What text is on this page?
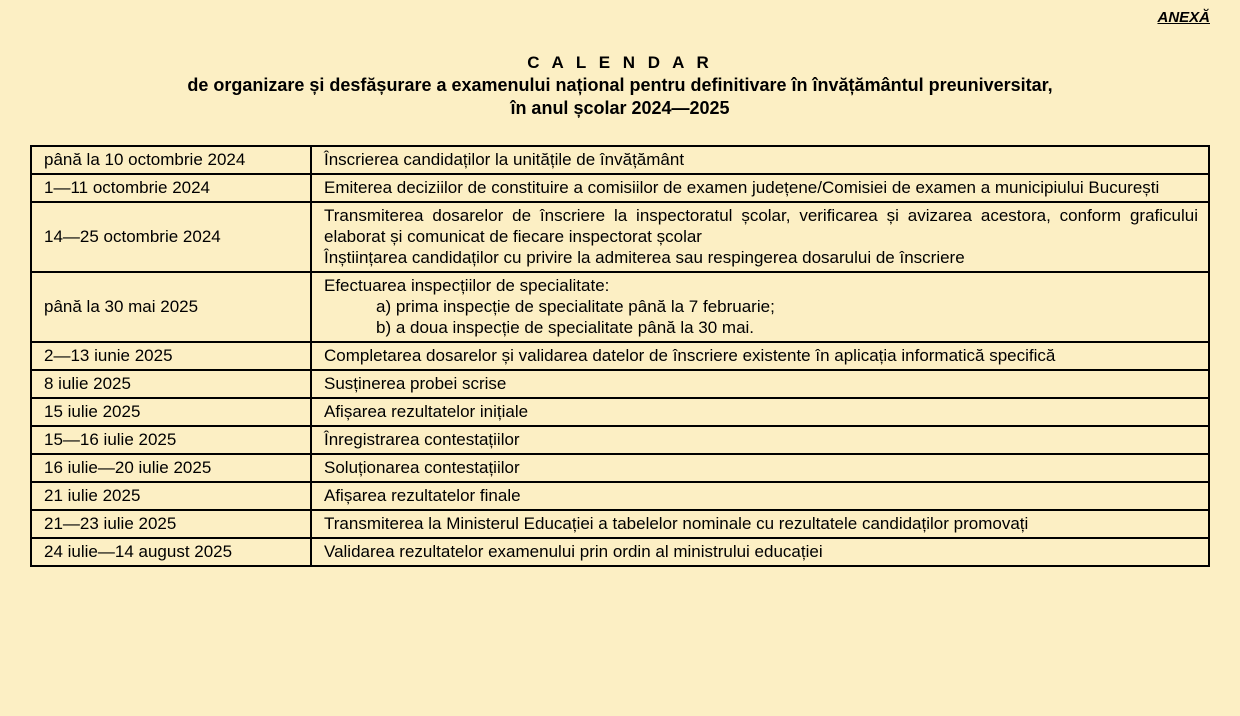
ANEXĂ
C A L E N D A R
de organizare și desfășurare a examenului național pentru definitivare în învățământul preuniversitar,
în anul școlar 2024—2025
până la 10 octombrie 2024	Înscrierea candidaților la unitățile de învățământ

1—11 octombrie 2024	Emiterea deciziilor de constituire a comisiilor de examen județene/Comisiei de examen a municipiului București

14—25 octombrie 2024	Transmiterea dosarelor de înscriere la inspectoratul școlar, verificarea și avizarea acestora, conform graficului elaborat și comunicat de fiecare inspectorat școlar
Înștiințarea candidaților cu privire la admiterea sau respingerea dosarului de înscriere

până la 30 mai 2025	Efectuarea inspecțiilor de specialitate:
a) prima inspecție de specialitate până la 7 februarie;
b) a doua inspecție de specialitate până la 30 mai.

2—13 iunie 2025	Completarea dosarelor și validarea datelor de înscriere existente în aplicația informatică specifică

8 iulie 2025	Susținerea probei scrise

15 iulie 2025	Afișarea rezultatelor inițiale

15—16 iulie 2025	Înregistrarea contestațiilor

16 iulie—20 iulie 2025	Soluționarea contestațiilor

21 iulie 2025	Afișarea rezultatelor finale

21—23 iulie 2025	Transmiterea la Ministerul Educației a tabelelor nominale cu rezultatele candidaților promovați

24 iulie—14 august 2025	Validarea rezultatelor examenului prin ordin al ministrului educației
